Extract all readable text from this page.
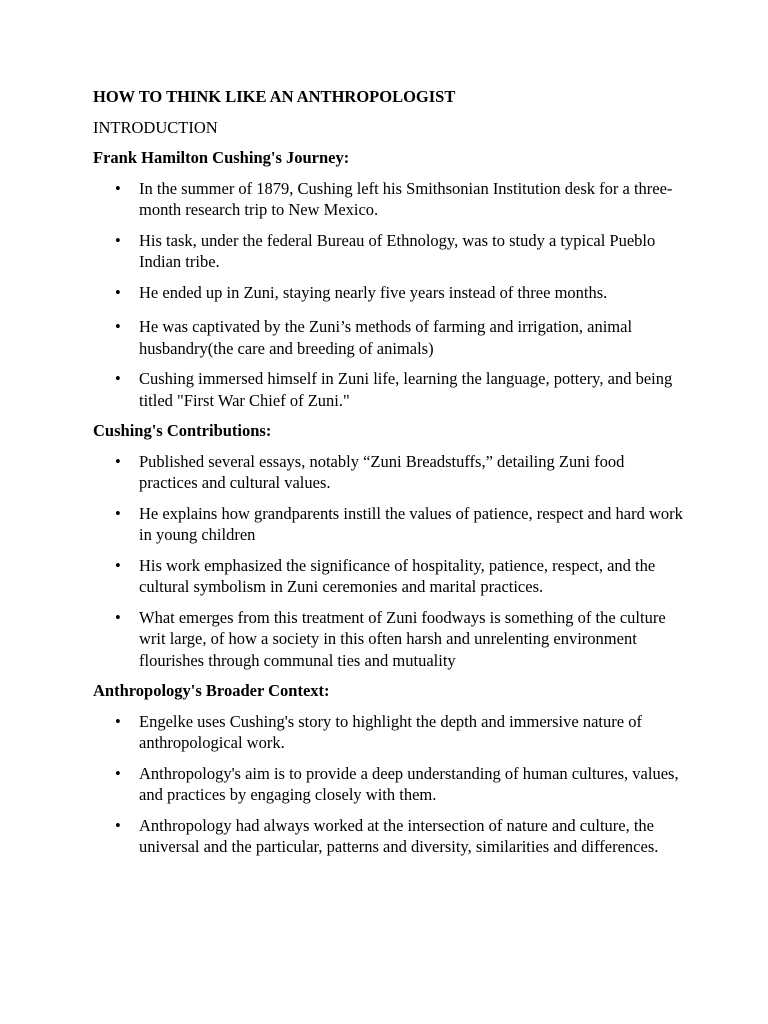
HOW TO THINK LIKE AN ANTHROPOLOGIST
INTRODUCTION
Frank Hamilton Cushing's Journey:
• In the summer of 1879, Cushing left his Smithsonian Institution desk for a three-month research trip to New Mexico.
• His task, under the federal Bureau of Ethnology, was to study a typical Pueblo Indian tribe.
• He ended up in Zuni, staying nearly five years instead of three months.
• He was captivated by the Zuni’s methods of farming and irrigation, animal husbandry(the care and breeding of animals)
• Cushing immersed himself in Zuni life, learning the language, pottery, and being titled "First War Chief of Zuni."
Cushing's Contributions:
• Published several essays, notably “Zuni Breadstuffs,” detailing Zuni food practices and cultural values.
• He explains how grandparents instill the values of patience, respect and hard work in young children
• His work emphasized the significance of hospitality, patience, respect, and the cultural symbolism in Zuni ceremonies and marital practices.
• What emerges from this treatment of Zuni foodways is something of the culture writ large, of how a society in this often harsh and unrelenting environment flourishes through communal ties and mutuality
Anthropology's Broader Context:
• Engelke uses Cushing's story to highlight the depth and immersive nature of anthropological work.
• Anthropology's aim is to provide a deep understanding of human cultures, values, and practices by engaging closely with them.
• Anthropology had always worked at the intersection of nature and culture, the universal and the particular, patterns and diversity, similarities and differences.
